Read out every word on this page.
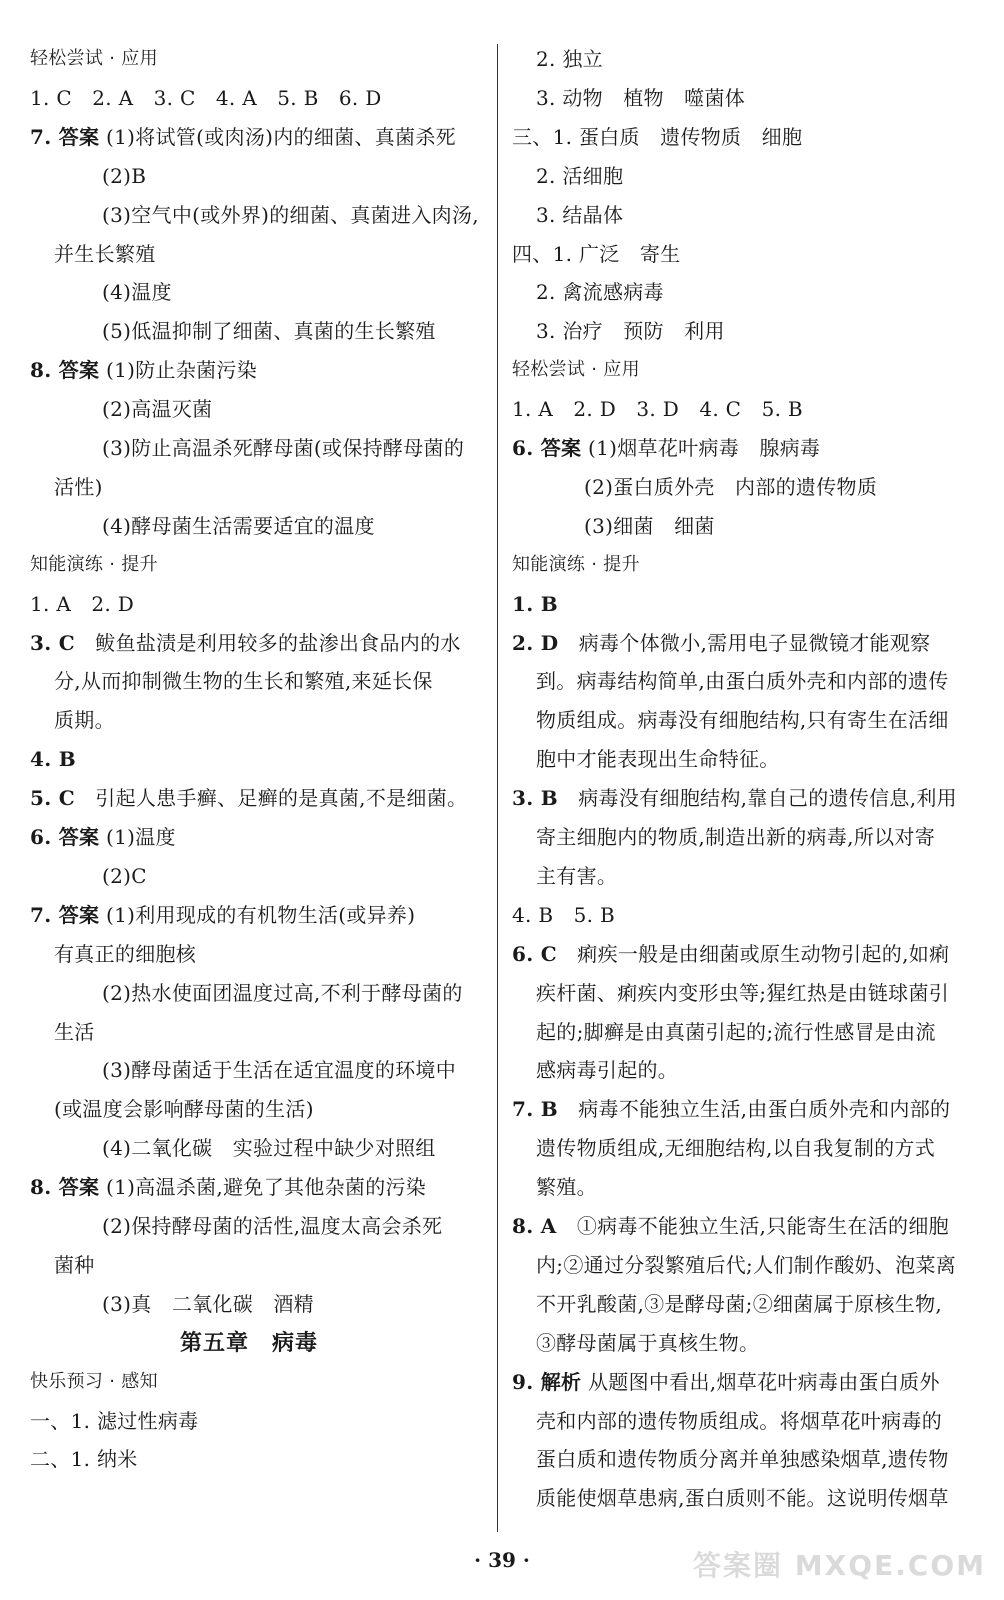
轻松尝试 · 应用
1. C　2. A　3. C　4. A　5. B　6. D
7. 答案 (1)将试管(或肉汤)内的细菌、真菌杀死
(2)B
(3)空气中(或外界)的细菌、真菌进入肉汤,
并生长繁殖
(4)温度
(5)低温抑制了细菌、真菌的生长繁殖
8. 答案 (1)防止杂菌污染
(2)高温灭菌
(3)防止高温杀死酵母菌(或保持酵母菌的
活性)
(4)酵母菌生活需要适宜的温度
知能演练 · 提升
1. A　2. D
3. C　鲅鱼盐渍是利用较多的盐渗出食品内的水
分,从而抑制微生物的生长和繁殖,来延长保
质期。
4. B
5. C　引起人患手癣、足癣的是真菌,不是细菌。
6. 答案 (1)温度
(2)C
7. 答案 (1)利用现成的有机物生活(或异养)
有真正的细胞核
(2)热水使面团温度过高,不利于酵母菌的
生活
(3)酵母菌适于生活在适宜温度的环境中
(或温度会影响酵母菌的生活)
(4)二氧化碳　实验过程中缺少对照组
8. 答案 (1)高温杀菌,避免了其他杂菌的污染
(2)保持酵母菌的活性,温度太高会杀死
菌种
(3)真　二氧化碳　酒精
快乐预习 · 感知
一、1. 滤过性病毒
二、1. 纳米
2. 独立
3. 动物　植物　噬菌体
三、1. 蛋白质　遗传物质　细胞
2. 活细胞
3. 结晶体
四、1. 广泛　寄生
2. 禽流感病毒
3. 治疗　预防　利用
轻松尝试 · 应用
1. A　2. D　3. D　4. C　5. B
6. 答案 (1)烟草花叶病毒　腺病毒
(2)蛋白质外壳　内部的遗传物质
(3)细菌　细菌
知能演练 · 提升
1. B
2. D　病毒个体微小,需用电子显微镜才能观察
到。病毒结构简单,由蛋白质外壳和内部的遗传
物质组成。病毒没有细胞结构,只有寄生在活细
胞中才能表现出生命特征。
3. B　病毒没有细胞结构,靠自己的遗传信息,利用
寄主细胞内的物质,制造出新的病毒,所以对寄
主有害。
4. B　5. B
6. C　痢疾一般是由细菌或原生动物引起的,如痢
疾杆菌、痢疾内变形虫等;猩红热是由链球菌引
起的;脚癣是由真菌引起的;流行性感冒是由流
感病毒引起的。
7. B　病毒不能独立生活,由蛋白质外壳和内部的
遗传物质组成,无细胞结构,以自我复制的方式
繁殖。
8. A　①病毒不能独立生活,只能寄生在活的细胞
内;②通过分裂繁殖后代;人们制作酸奶、泡菜离
不开乳酸菌,③是酵母菌;②细菌属于原核生物,
③酵母菌属于真核生物。
9. 解析 从题图中看出,烟草花叶病毒由蛋白质外
壳和内部的遗传物质组成。将烟草花叶病毒的
蛋白质和遗传物质分离并单独感染烟草,遗传物
质能使烟草患病,蛋白质则不能。这说明传烟草
第五章　病毒
· 39 ·	答案圈 MXQE.COM
